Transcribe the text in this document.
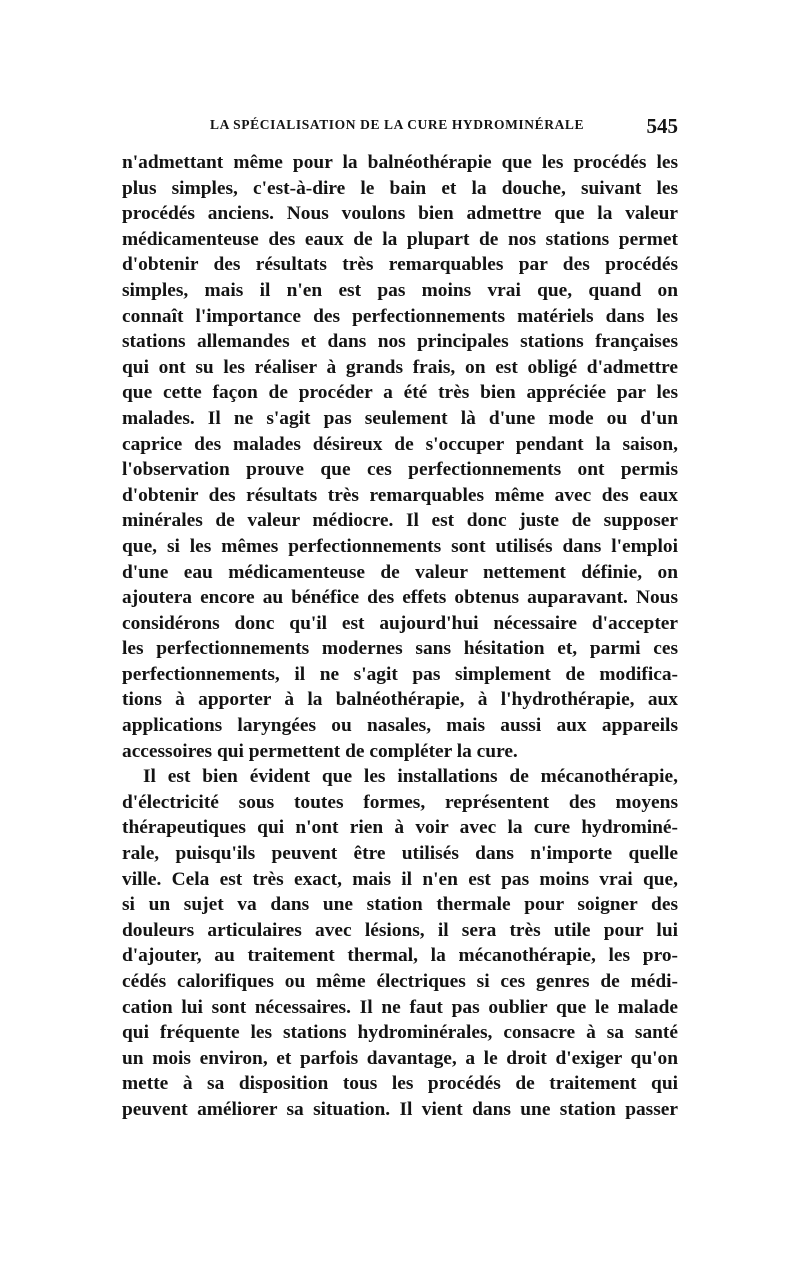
LA SPÉCIALISATION DE LA CURE HYDROMINÉRALE	545
n'admettant même pour la balnéothérapie que les procédés les
plus simples, c'est-à-dire le bain et la douche, suivant les
procédés anciens. Nous voulons bien admettre que la valeur
médicamenteuse des eaux de la plupart de nos stations permet
d'obtenir des résultats très remarquables par des procédés
simples, mais il n'en est pas moins vrai que, quand on
connaît l'importance des perfectionnements matériels dans les
stations allemandes et dans nos principales stations françaises
qui ont su les réaliser à grands frais, on est obligé d'admettre
que cette façon de procéder a été très bien appréciée par les
malades. Il ne s'agit pas seulement là d'une mode ou d'un
caprice des malades désireux de s'occuper pendant la saison,
l'observation prouve que ces perfectionnements ont permis
d'obtenir des résultats très remarquables même avec des eaux
minérales de valeur médiocre. Il est donc juste de supposer
que, si les mêmes perfectionnements sont utilisés dans l'emploi
d'une eau médicamenteuse de valeur nettement définie, on
ajoutera encore au bénéfice des effets obtenus auparavant. Nous
considérons donc qu'il est aujourd'hui nécessaire d'accepter
les perfectionnements modernes sans hésitation et, parmi ces
perfectionnements, il ne s'agit pas simplement de modifica-
tions à apporter à la balnéothérapie, à l'hydrothérapie, aux
applications laryngées ou nasales, mais aussi aux appareils
accessoires qui permettent de compléter la cure.
Il est bien évident que les installations de mécanothérapie,
d'électricité sous toutes formes, représentent des moyens
thérapeutiques qui n'ont rien à voir avec la cure hydrominé-
rale, puisqu'ils peuvent être utilisés dans n'importe quelle
ville. Cela est très exact, mais il n'en est pas moins vrai que,
si un sujet va dans une station thermale pour soigner des
douleurs articulaires avec lésions, il sera très utile pour lui
d'ajouter, au traitement thermal, la mécanothérapie, les pro-
cédés calorifiques ou même électriques si ces genres de médi-
cation lui sont nécessaires. Il ne faut pas oublier que le malade
qui fréquente les stations hydrominérales, consacre à sa santé
un mois environ, et parfois davantage, a le droit d'exiger qu'on
mette à sa disposition tous les procédés de traitement qui
peuvent améliorer sa situation. Il vient dans une station passer
